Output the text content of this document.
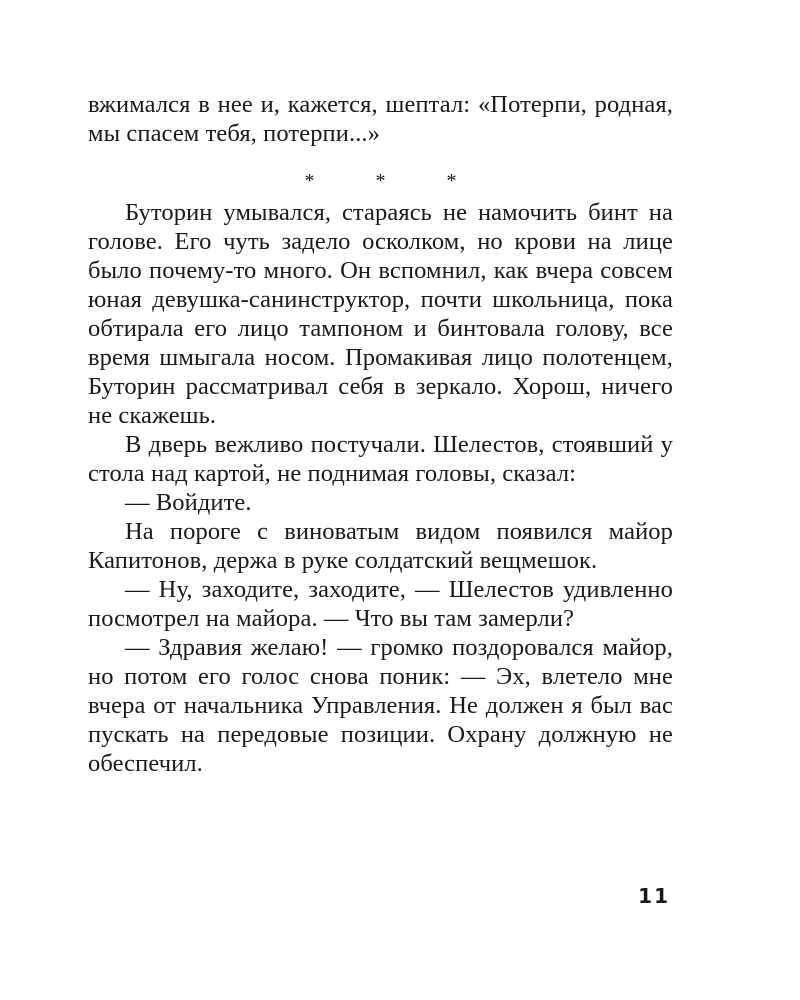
вжимался в нее и, кажется, шептал: «Потерпи, родная, мы спасем тебя, потерпи...»

* * *

Буторин умывался, стараясь не намочить бинт на голове. Его чуть задело осколком, но крови на лице было почему-то много. Он вспомнил, как вчера совсем юная девушка-санинструктор, почти школьница, пока обтирала его лицо тампоном и бинтовала голову, все время шмыгала носом. Промакивая лицо полотенцем, Буторин рассматривал себя в зеркало. Хорош, ничего не скажешь.

В дверь вежливо постучали. Шелестов, стоявший у стола над картой, не поднимая головы, сказал:

— Войдите.

На пороге с виноватым видом появился майор Капитонов, держа в руке солдатский вещмешок.

— Ну, заходите, заходите, — Шелестов удивленно посмотрел на майора. — Что вы там замерли?

— Здравия желаю! — громко поздоровался майор, но потом его голос снова поник: — Эх, влетело мне вчера от начальника Управления. Не должен я был вас пускать на передовые позиции. Охрану должную не обеспечил.

11
